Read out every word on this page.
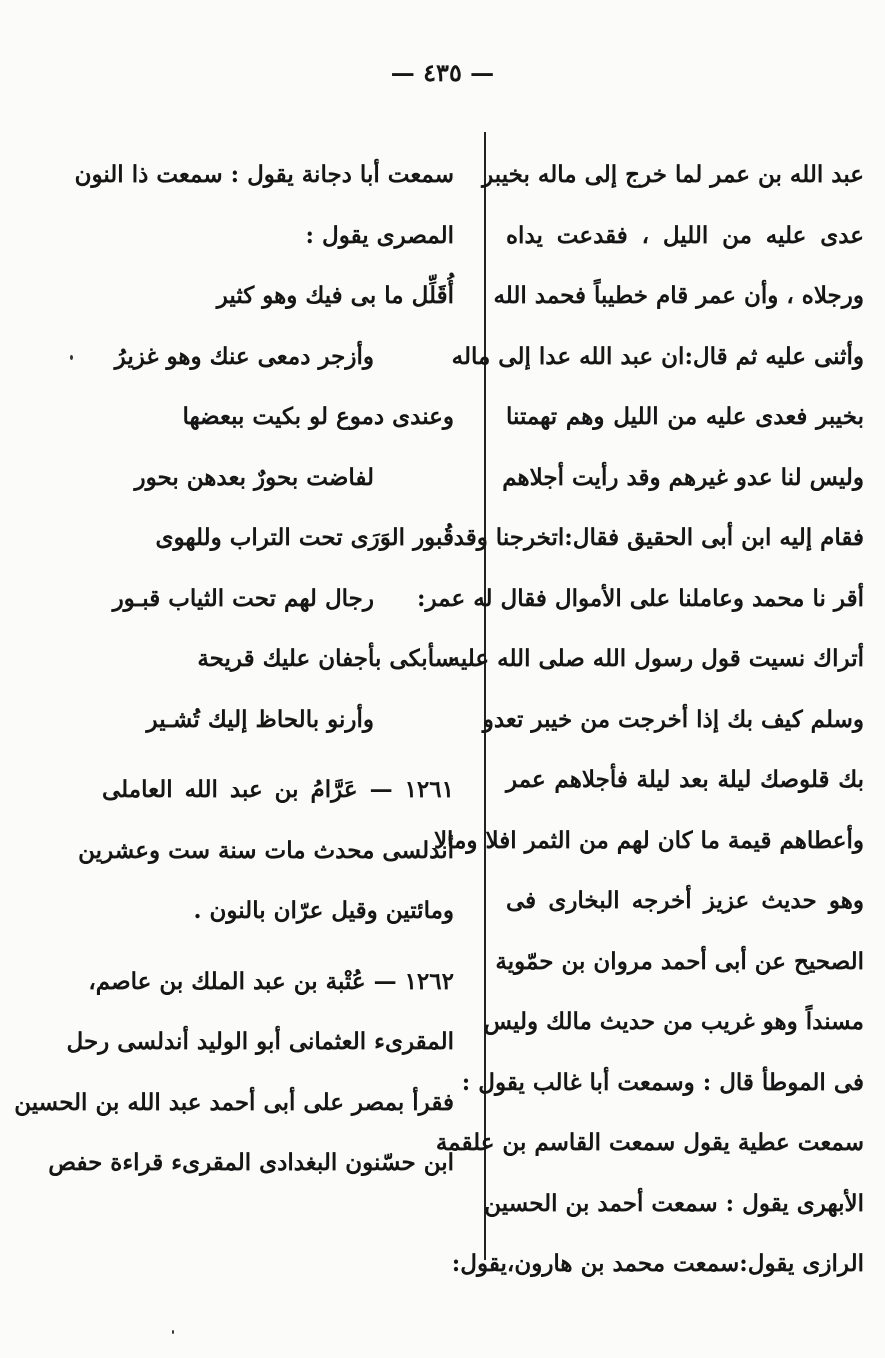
— ٤٣٥ —
عبد الله بن عمر لما خرج إلى ماله بخيبر
عدى عليه من الليل ، فقدعت يداه
ورجلاه ، وأن عمر قام خطيباً فحمد الله
وأثنى عليه ثم قال:ان عبد الله عدا إلى ماله
بخيبر فعدى عليه من الليل وهم تهمتنا
وليس لنا عدو غيرهم وقد رأيت أجلاهم
فقام إليه ابن أبى الحقيق فقال:اتخرجنا وقد
أقر نا محمد وعاملنا على الأموال فقال له عمر:
أتراك نسيت قول رسول الله صلى الله عليه
وسلم كيف بك إذا أخرجت من خيبر تعدو
بك قلوصك ليلة بعد ليلة فأجلاهم عمر
وأعطاهم قيمة ما كان لهم من الثمر افلا ومالا
وهو حديث عزيز أخرجه البخارى فى
الصحيح عن أبى أحمد مروان بن حمّوية
مسنداً وهو غريب من حديث مالك وليس
فى الموطأ قال : وسمعت أبا غالب يقول :
سمعت عطية يقول سمعت القاسم بن علقمة
الأبهرى يقول : سمعت أحمد بن الحسين
الرازى يقول:سمعت محمد بن هارون،يقول:
سمعت أبا دجانة يقول : سمعت ذا النون
المصرى يقول :
أُقَلِّل ما بى فيك وهو كثير
وأزجر دمعى عنك وهو غزيرُ
وعندى دموع لو بكيت ببعضها
لفاضت بحورٌ بعدهن بحور
قُبور الوَرَى تحت التراب وللهوى
رجال لهم تحت الثياب قبـور
سأبكى بأجفان عليك قريحة
وأرنو بالحاظ إليك تُشـير
١٢٦١ — عَرَّامُ بن عبد الله العاملى
أندلسى محدث مات سنة ست وعشرين
ومائتين وقيل عرّان بالنون .
١٢٦٢ — عُتْبة بن عبد الملك بن عاصم،
المقرىء العثمانى أبو الوليد أندلسى رحل
فقرأ بمصر على أبى أحمد عبد الله بن الحسين
ابن حسّنون البغدادى المقرىء قراءة حفص
